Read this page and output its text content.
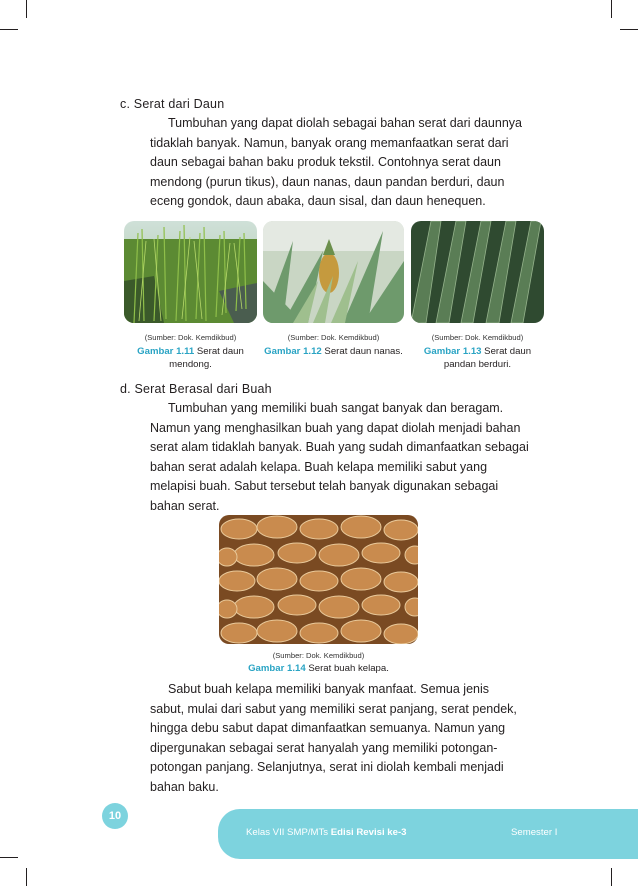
c. Serat dari Daun

Tumbuhan yang dapat diolah sebagai bahan serat dari daunnya

tidaklah banyak. Namun, banyak orang memanfaatkan serat dari

daun sebagai bahan baku produk tekstil. Contohnya serat daun

mendong (purun tikus), daun nanas, daun pandan berduri, daun

eceng gondok, daun abaka, daun sisal, dan daun henequen.

(Sumber: Dok. Kemdikbud)
Gambar 1.11 Serat daun
mendong.
(Sumber: Dok. Kemdikbud)
Gambar 1.12 Serat daun nanas.
(Sumber: Dok. Kemdikbud)
Gambar 1.13 Serat daun
pandan berduri.
d. Serat Berasal dari Buah

Tumbuhan yang memiliki buah sangat banyak dan beragam.

Namun yang menghasilkan buah yang dapat diolah menjadi bahan

serat alam tidaklah banyak. Buah yang sudah dimanfaatkan sebagai

bahan serat adalah kelapa. Buah kelapa memiliki sabut yang

melapisi buah. Sabut tersebut telah banyak digunakan sebagai

bahan serat.

(Sumber: Dok. Kemdikbud)
Gambar 1.14 Serat buah kelapa.

Sabut buah kelapa memiliki banyak manfaat. Semua jenis

sabut, mulai dari sabut yang memiliki serat panjang, serat pendek,

hingga debu sabut dapat dimanfaatkan semuanya. Namun yang

dipergunakan sebagai serat hanyalah yang memiliki potongan-

potongan panjang. Selanjutnya, serat ini diolah kembali menjadi

bahan baku.

10
Kelas VII SMP/MTs Edisi Revisi ke-3	Semester I
